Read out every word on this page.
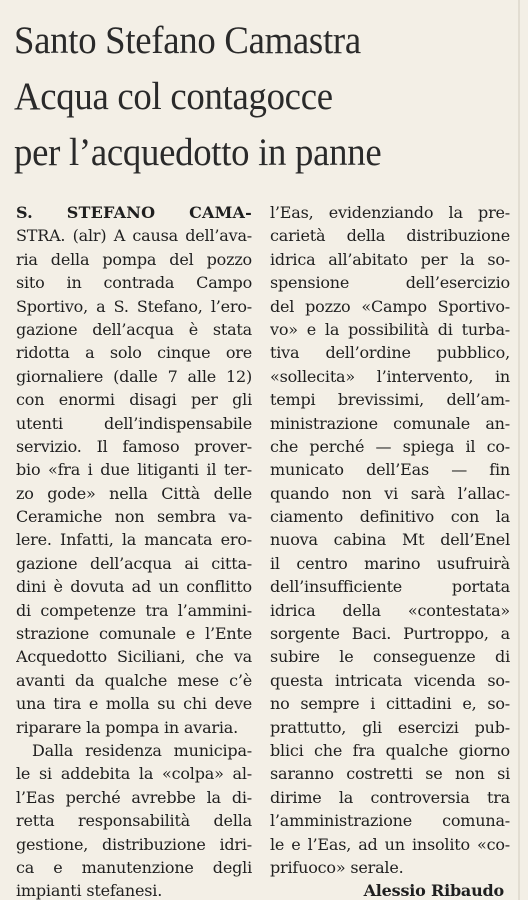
Santo Stefano Camastra
Acqua col contagocce
per l’acquedotto in panne
S. STEFANO CAMA-
STRA. (alr) A causa dell’ava-
ria della pompa del pozzo
sito in contrada Campo
Sportivo, a S. Stefano, l’ero-
gazione dell’acqua è stata
ridotta a solo cinque ore
giornaliere (dalle 7 alle 12)
con enormi disagi per gli
utenti dell’indispensabile
servizio. Il famoso prover-
bio «fra i due litiganti il ter-
zo gode» nella Città delle
Ceramiche non sembra va-
lere. Infatti, la mancata ero-
gazione dell’acqua ai citta-
dini è dovuta ad un conflitto
di competenze tra l’ammini-
strazione comunale e l’Ente
Acquedotto Siciliani, che va
avanti da qualche mese c’è
una tira e molla su chi deve
riparare la pompa in avaria.
Dalla residenza municipa-
le si addebita la «colpa» al-
l’Eas perché avrebbe la di-
retta responsabilità della
gestione, distribuzione idri-
ca e manutenzione degli
impianti stefanesi.
l’Eas, evidenziando la pre-
carietà della distribuzione
idrica all’abitato per la so-
spensione dell’esercizio
del pozzo «Campo Sportivo-
vo» e la possibilità di turba-
tiva dell’ordine pubblico,
«sollecita» l’intervento, in
tempi brevissimi, dell’am-
ministrazione comunale an-
che perché — spiega il co-
municato dell’Eas — fin
quando non vi sarà l’allac-
ciamento definitivo con la
nuova cabina Mt dell’Enel
il centro marino usufruirà
dell’insufficiente portata
idrica della «contestata»
sorgente Baci. Purtroppo, a
subire le conseguenze di
questa intricata vicenda so-
no sempre i cittadini e, so-
prattutto, gli esercizi pub-
blici che fra qualche giorno
saranno costretti se non si
dirime la controversia tra
l’amministrazione comuna-
le e l’Eas, ad un insolito «co-
prifuoco» serale.
Alessio Ribaudo
